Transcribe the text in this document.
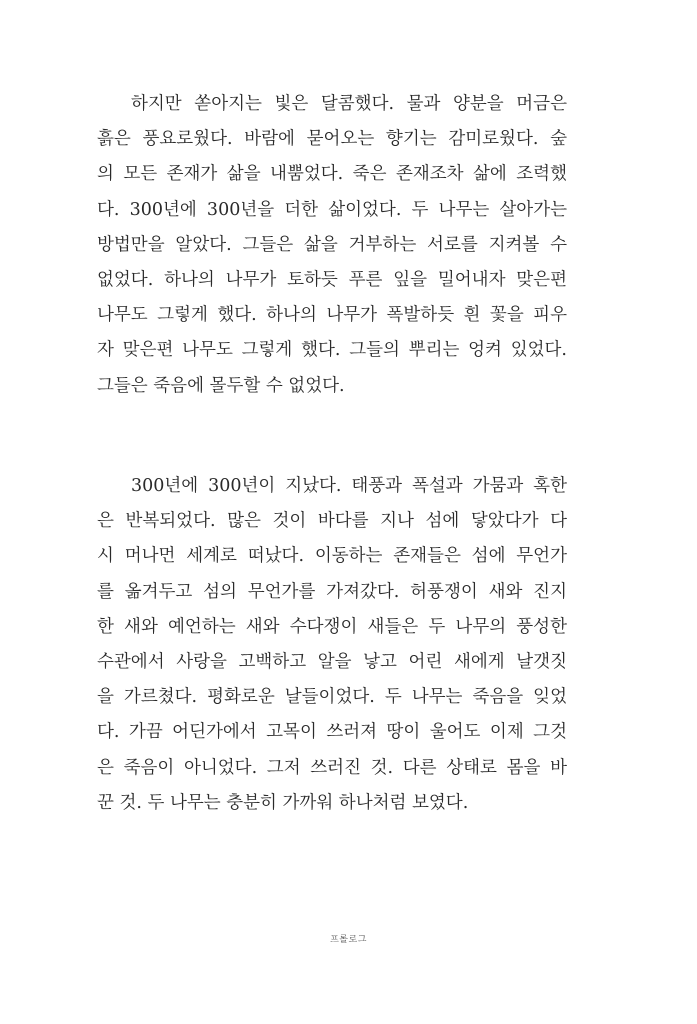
하지만 쏟아지는 빛은 달콤했다. 물과 양분을 머금은
흙은 풍요로웠다. 바람에 묻어오는 향기는 감미로웠다. 숲
의 모든 존재가 삶을 내뿜었다. 죽은 존재조차 삶에 조력했
다. 300년에 300년을 더한 삶이었다. 두 나무는 살아가는
방법만을 알았다. 그들은 삶을 거부하는 서로를 지켜볼 수
없었다. 하나의 나무가 토하듯 푸른 잎을 밀어내자 맞은편
나무도 그렇게 했다. 하나의 나무가 폭발하듯 흰 꽃을 피우
자 맞은편 나무도 그렇게 했다. 그들의 뿌리는 엉켜 있었다.
그들은 죽음에 몰두할 수 없었다.
300년에 300년이 지났다. 태풍과 폭설과 가뭄과 혹한
은 반복되었다. 많은 것이 바다를 지나 섬에 닿았다가 다
시 머나먼 세계로 떠났다. 이동하는 존재들은 섬에 무언가
를 옮겨두고 섬의 무언가를 가져갔다. 허풍쟁이 새와 진지
한 새와 예언하는 새와 수다쟁이 새들은 두 나무의 풍성한
수관에서 사랑을 고백하고 알을 낳고 어린 새에게 날갯짓
을 가르쳤다. 평화로운 날들이었다. 두 나무는 죽음을 잊었
다. 가끔 어딘가에서 고목이 쓰러져 땅이 울어도 이제 그것
은 죽음이 아니었다. 그저 쓰러진 것. 다른 상태로 몸을 바
꾼 것. 두 나무는 충분히 가까워 하나처럼 보였다.
프롤로그
